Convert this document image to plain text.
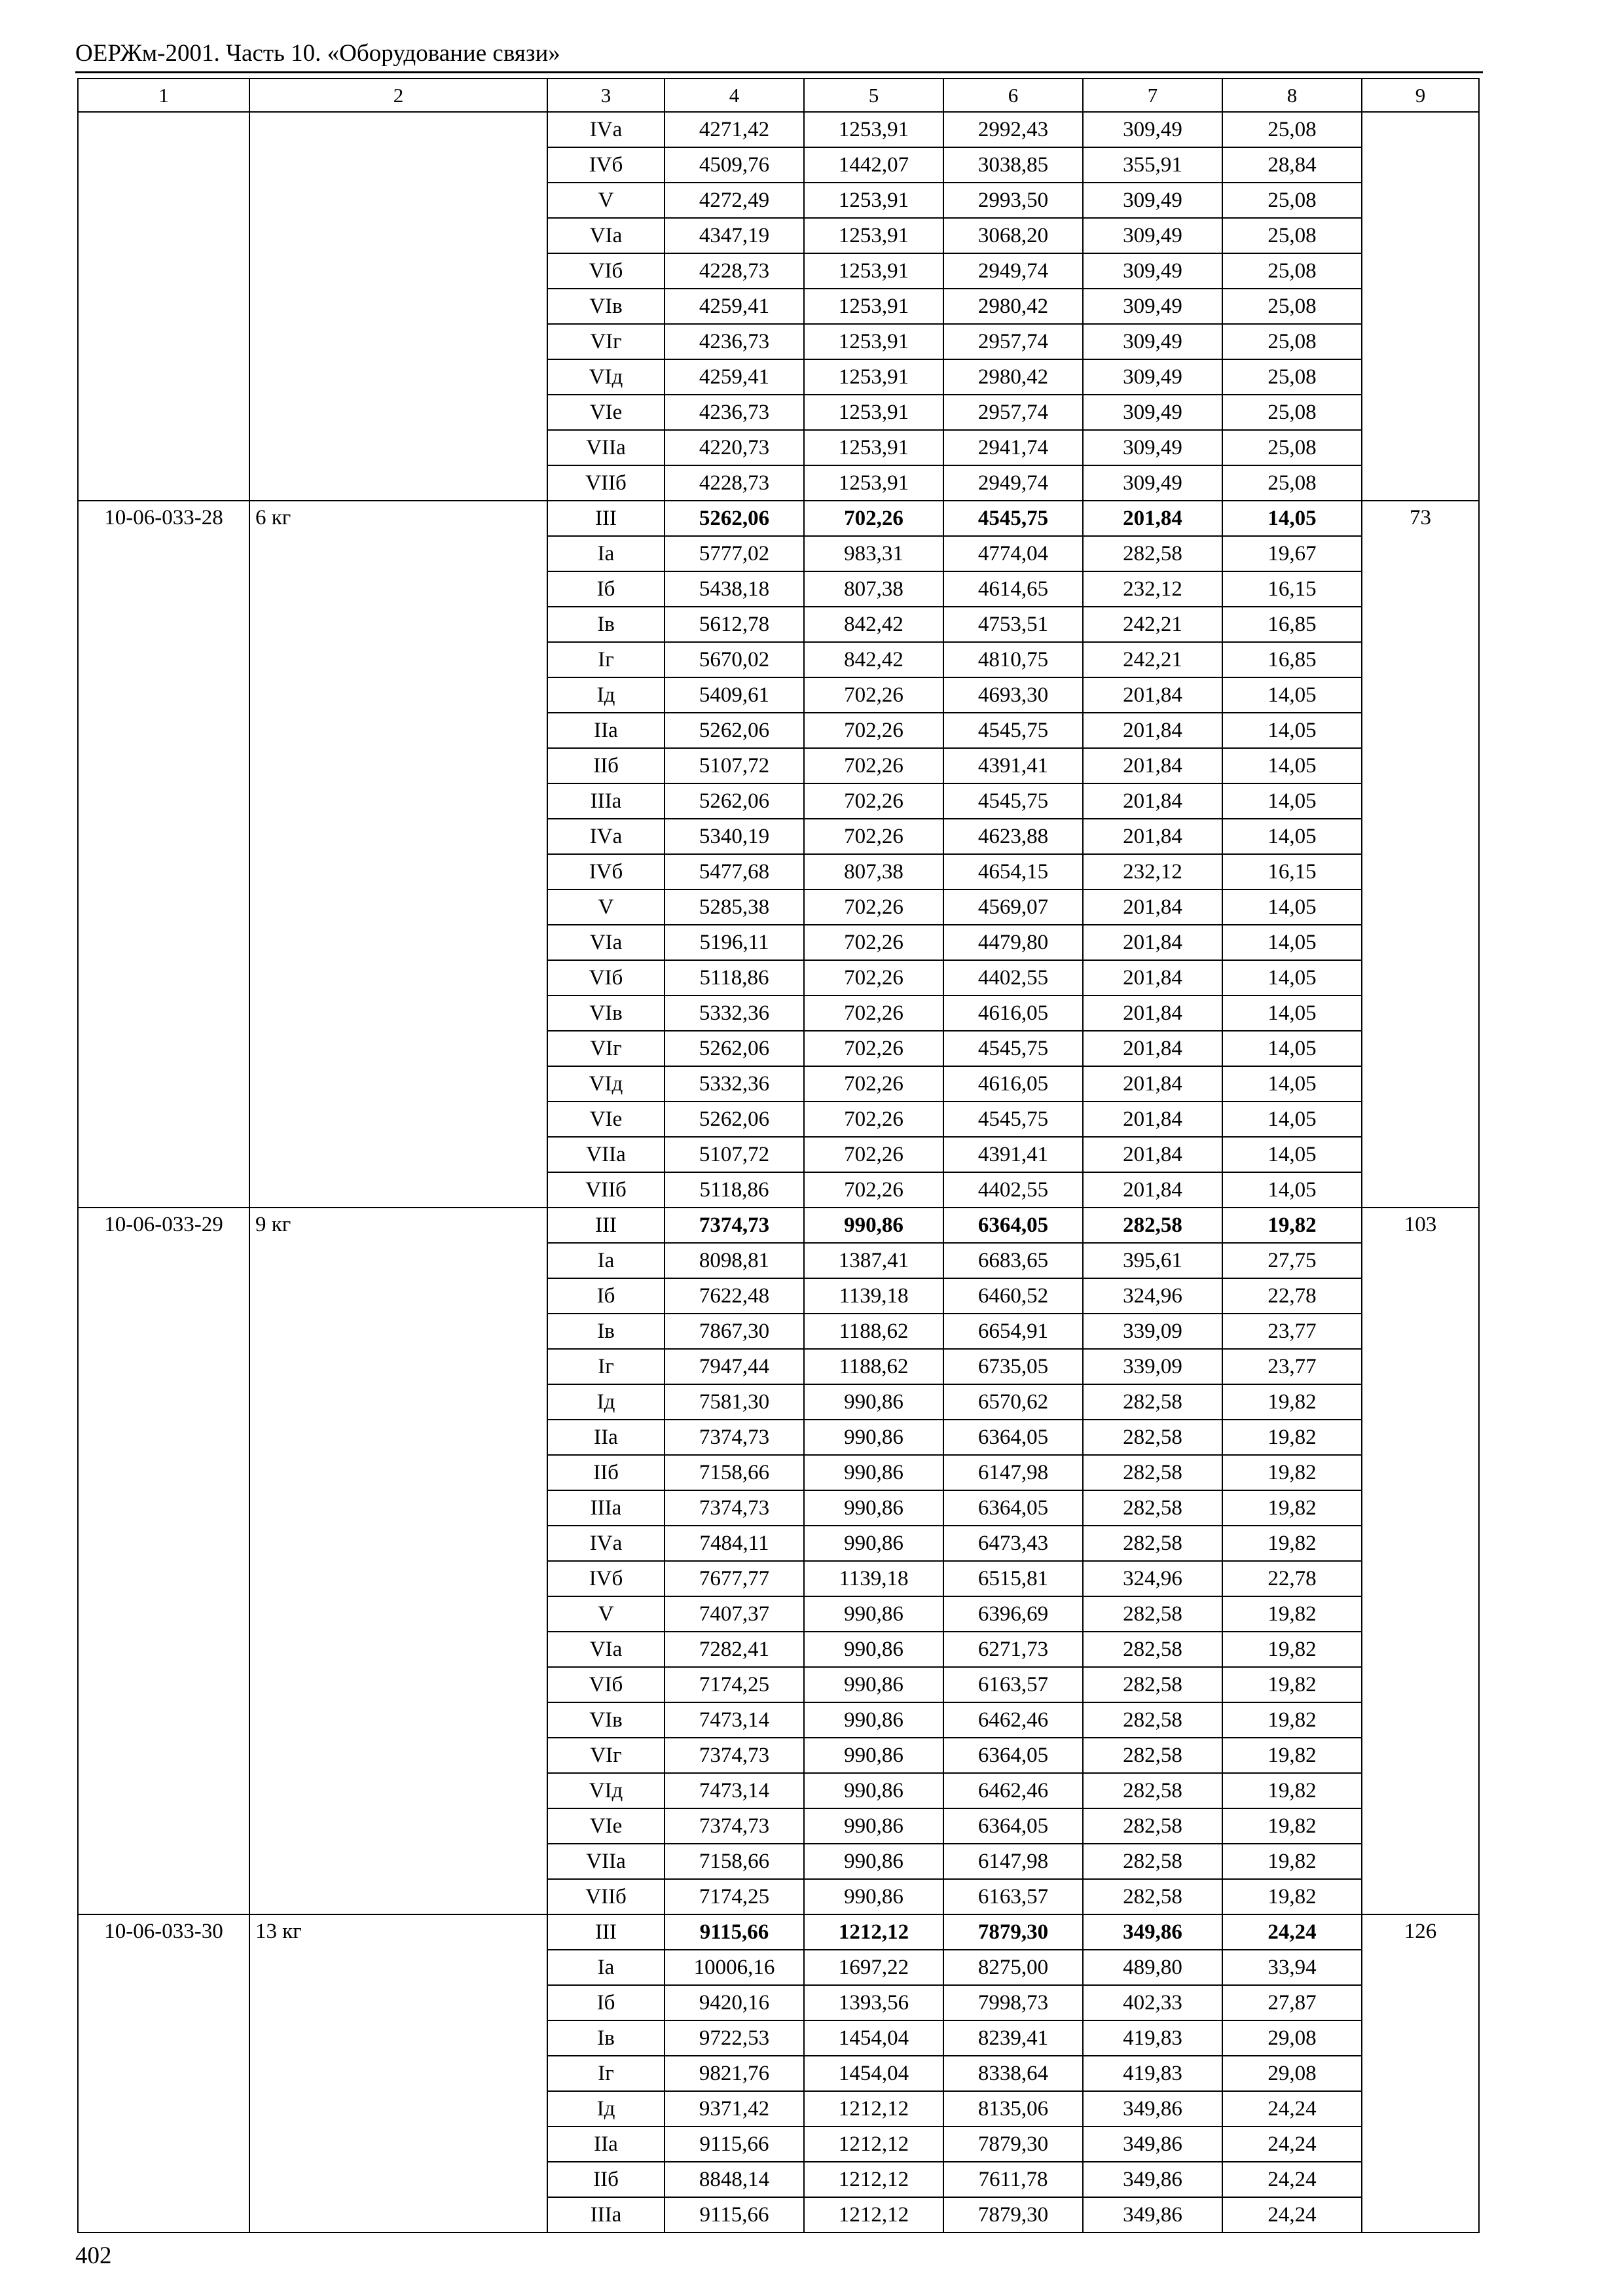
ОЕРЖм-2001. Часть 10. «Оборудование связи»
1	2	3	4	5	6	7	8	9
		IVа	4271,42	1253,91	2992,43	309,49	25,08	
		IVб	4509,76	1442,07	3038,85	355,91	28,84	
		V	4272,49	1253,91	2993,50	309,49	25,08	
		VIа	4347,19	1253,91	3068,20	309,49	25,08	
		VIб	4228,73	1253,91	2949,74	309,49	25,08	
		VIв	4259,41	1253,91	2980,42	309,49	25,08	
		VIг	4236,73	1253,91	2957,74	309,49	25,08	
		VIд	4259,41	1253,91	2980,42	309,49	25,08	
		VIе	4236,73	1253,91	2957,74	309,49	25,08	
		VIIа	4220,73	1253,91	2941,74	309,49	25,08	
		VIIб	4228,73	1253,91	2949,74	309,49	25,08	
10-06-033-28	6 кг	III	5262,06	702,26	4545,75	201,84	14,05	73
		Iа	5777,02	983,31	4774,04	282,58	19,67	
		Iб	5438,18	807,38	4614,65	232,12	16,15	
		Iв	5612,78	842,42	4753,51	242,21	16,85	
		Iг	5670,02	842,42	4810,75	242,21	16,85	
		Iд	5409,61	702,26	4693,30	201,84	14,05	
		IIа	5262,06	702,26	4545,75	201,84	14,05	
		IIб	5107,72	702,26	4391,41	201,84	14,05	
		IIIа	5262,06	702,26	4545,75	201,84	14,05	
		IVа	5340,19	702,26	4623,88	201,84	14,05	
		IVб	5477,68	807,38	4654,15	232,12	16,15	
		V	5285,38	702,26	4569,07	201,84	14,05	
		VIа	5196,11	702,26	4479,80	201,84	14,05	
		VIб	5118,86	702,26	4402,55	201,84	14,05	
		VIв	5332,36	702,26	4616,05	201,84	14,05	
		VIг	5262,06	702,26	4545,75	201,84	14,05	
		VIд	5332,36	702,26	4616,05	201,84	14,05	
		VIе	5262,06	702,26	4545,75	201,84	14,05	
		VIIа	5107,72	702,26	4391,41	201,84	14,05	
		VIIб	5118,86	702,26	4402,55	201,84	14,05	
10-06-033-29	9 кг	III	7374,73	990,86	6364,05	282,58	19,82	103
		Iа	8098,81	1387,41	6683,65	395,61	27,75	
		Iб	7622,48	1139,18	6460,52	324,96	22,78	
		Iв	7867,30	1188,62	6654,91	339,09	23,77	
		Iг	7947,44	1188,62	6735,05	339,09	23,77	
		Iд	7581,30	990,86	6570,62	282,58	19,82	
		IIа	7374,73	990,86	6364,05	282,58	19,82	
		IIб	7158,66	990,86	6147,98	282,58	19,82	
		IIIа	7374,73	990,86	6364,05	282,58	19,82	
		IVа	7484,11	990,86	6473,43	282,58	19,82	
		IVб	7677,77	1139,18	6515,81	324,96	22,78	
		V	7407,37	990,86	6396,69	282,58	19,82	
		VIа	7282,41	990,86	6271,73	282,58	19,82	
		VIб	7174,25	990,86	6163,57	282,58	19,82	
		VIв	7473,14	990,86	6462,46	282,58	19,82	
		VIг	7374,73	990,86	6364,05	282,58	19,82	
		VIд	7473,14	990,86	6462,46	282,58	19,82	
		VIе	7374,73	990,86	6364,05	282,58	19,82	
		VIIа	7158,66	990,86	6147,98	282,58	19,82	
		VIIб	7174,25	990,86	6163,57	282,58	19,82	
10-06-033-30	13 кг	III	9115,66	1212,12	7879,30	349,86	24,24	126
		Iа	10006,16	1697,22	8275,00	489,80	33,94	
		Iб	9420,16	1393,56	7998,73	402,33	27,87	
		Iв	9722,53	1454,04	8239,41	419,83	29,08	
		Iг	9821,76	1454,04	8338,64	419,83	29,08	
		Iд	9371,42	1212,12	8135,06	349,86	24,24	
		IIа	9115,66	1212,12	7879,30	349,86	24,24	
		IIб	8848,14	1212,12	7611,78	349,86	24,24	
		IIIа	9115,66	1212,12	7879,30	349,86	24,24	
402
